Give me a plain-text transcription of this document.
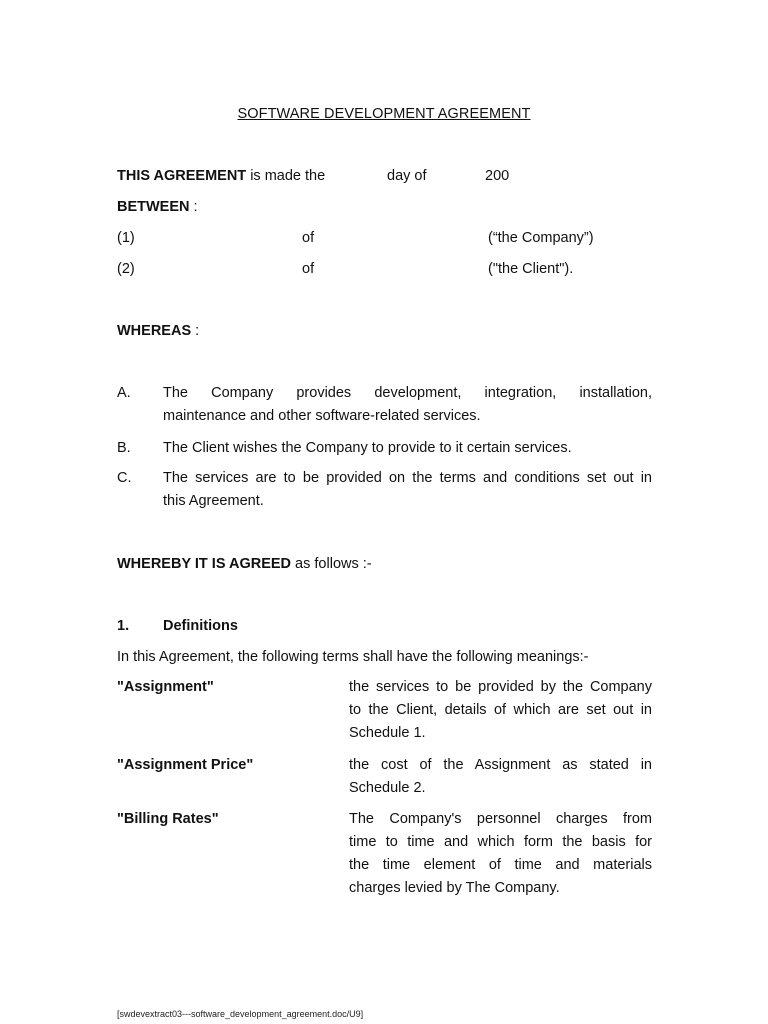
SOFTWARE DEVELOPMENT AGREEMENT
THIS AGREEMENT is made the	day of	200
BETWEEN :
(1)	of	(“the Company”)
(2)	of	("the Client").
WHEREAS :
A. The Company provides development, integration, installation,
maintenance and other software-related services.
B. The Client wishes the Company to provide to it certain services.
C. The services are to be provided on the terms and conditions set out in
this Agreement.
WHEREBY IT IS AGREED as follows :-
1. Definitions
In this Agreement, the following terms shall have the following meanings:-
"Assignment"	the services to be provided by the Company
to the Client, details of which are set out in
Schedule 1.
"Assignment Price"	the cost of the Assignment as stated in
Schedule 2.
"Billing Rates"	The Company's personnel charges from
time to time and which form the basis for
the time element of time and materials
charges levied by The Company.
[swdevextract03---software_development_agreement.doc/U9]
